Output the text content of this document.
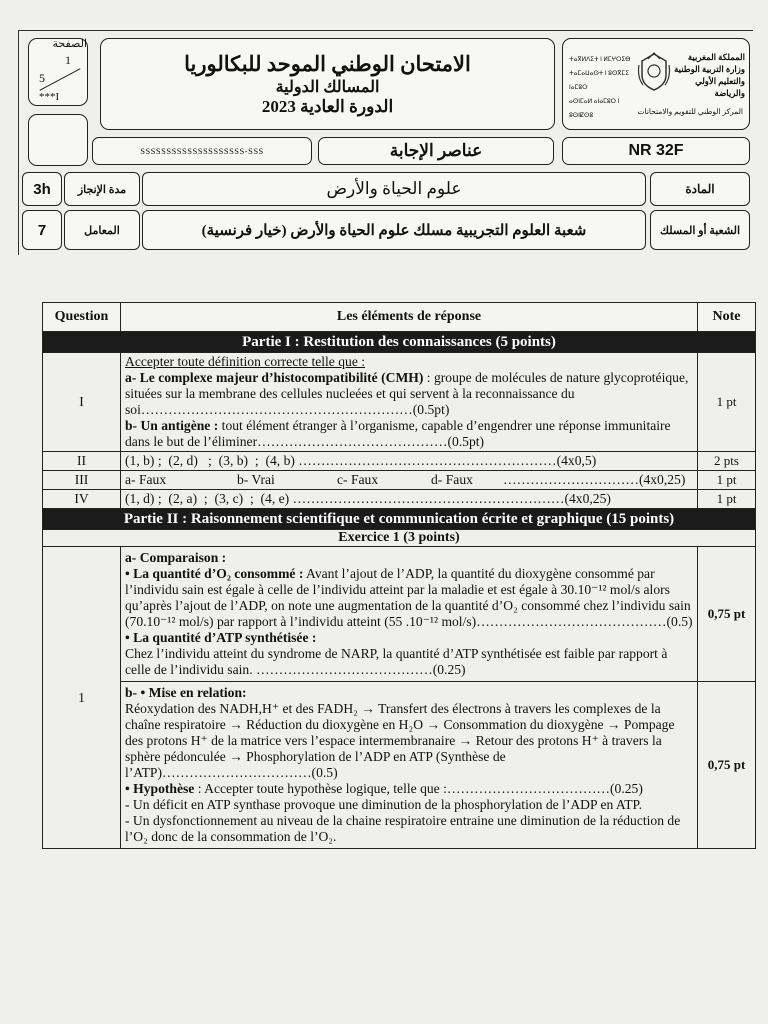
الصفحة
1
5
***I
الامتحان الوطني الموحد للبكالوريا
المسالك الدولية
الدورة العادية 2023
ⵜⴰⴳⵍⴷⵉⵜ ⵏ ⵍⵎⵖⵔⵉⴱ
ⵜⴰⵎⴰⵡⴰⵙⵜ ⵏ ⵓⵙⴳⵎⵉ ⵏⴰⵎⵓⵔ
ⴰⵙⵏⵎⴰⵍ ⴰⵏⴰⵎⵓⵔ ⵏ ⵓⵙⵏⵇⵙⵓ
المملكة المغربية
وزارة التربية الوطنية
والتعليم الأولي والرياضة
المركز الوطني للتقويم والامتحانات
SSSSSSSSSSSSSSSSSSSS-SSS	عناصر الإجابة	NR 32F
3h مدة الإنجاز	علوم الحياة والأرض	المادة
7	المعامل	شعبة العلوم التجريبية مسلك علوم الحياة والأرض (خيار فرنسية)	الشعبة أو المسلك
Question	Les éléments de réponse	Note
Partie I : Restitution des connaissances (5 points)		
I	Accepter toute définition correcte telle que :

a- Le complexe majeur d’histocompatibilité (CMH) : groupe de molécules de nature glycoprotéique, situées sur la membrane des cellules nucleées et qui servent à la reconnaissance du soi……………………………………………………(0.5pt)

b- Un antigène : tout élément étranger à l’organisme, capable d’engendrer une réponse immunitaire dans le but de l’éliminer……………………………………(0.5pt)	1 pt
II	(1, b) ;  (2, d)   ;  (3, b)  ;  (4, b) …………………………………………………(4x0,5)	2 pts
III	a- Faux b- Vrai c- Faux d- Faux …………………………(4x0,25)	1 pt
IV	(1, d) ;  (2, a)  ;  (3, c)  ;  (4, e) ……………………………………………………(4x0,25)	1 pt
Partie II : Raisonnement scientifique et communication écrite et graphique (15 points)		
Exercice 1 (3 points)		
1	a- Comparaison :

• La quantité d’O₂ consommé : Avant l’ajout de l’ADP, la quantité du dioxygène consommé par l’individu sain est égale à celle de l’individu atteint par la maladie et est égale à 30.10⁻¹² mol/s alors qu’après l’ajout de l’ADP, on note une augmentation de la quantité d’O₂ consommé chez l’individu sain (70.10⁻¹² mol/s) par rapport à l’individu atteint (55 .10⁻¹² mol/s)……………………………………(0.5)

• La quantité d’ATP synthétisée :

Chez l’individu atteint du syndrome de NARP, la quantité d’ATP synthétisée est faible par rapport à celle de l’individu sain. …………………………………(0.25)	0,75 pt

	b- • Mise en relation:

Réoxydation des NADH,H⁺ et des FADH₂ → Transfert des électrons à travers les complexes de la chaîne respiratoire → Réduction du dioxygène en H₂O → Consommation du dioxygène → Pompage des protons H⁺ de la matrice vers l’espace intermembranaire → Retour des protons H⁺ à travers la sphère pédonculée → Phosphorylation de l’ADP en ATP (Synthèse de l’ATP)……………………………(0.5)

• Hypothèse : Accepter toute hypothèse logique, telle que :………………………………(0.25)

- Un déficit en ATP synthase provoque une diminution de la phosphorylation de l’ADP en ATP.

- Un dysfonctionnement au niveau de la chaine respiratoire entraine une diminution de la réduction de l’O₂ donc de la consommation de l’O₂.	0,75 pt
